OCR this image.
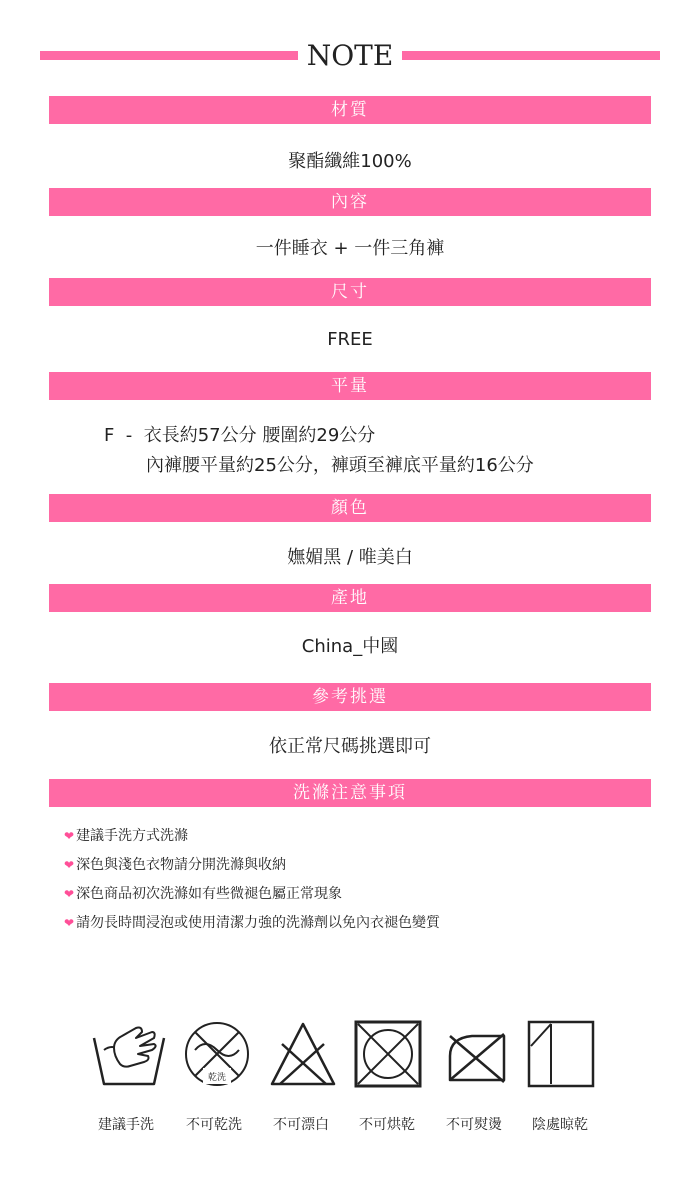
NOTE
材質
聚酯纖維100%
內容
一件睡衣 + 一件三角褲
尺寸
FREE
平量
F  -  衣長約57公分 腰圍約29公分
內褲腰平量約25公分，褲頭至褲底平量約16公分
顏色
嫵媚黑 / 唯美白
產地
China_中國
參考挑選
依正常尺碼挑選即可
洗滌注意事項
❤ 建議手洗方式洗滌
❤ 深色與淺色衣物請分開洗滌與收納
❤ 深色商品初次洗滌如有些微褪色屬正常現象
❤ 請勿長時間浸泡或使用清潔力強的洗滌劑以免內衣褪色變質
乾洗
建議手洗 不可乾洗 不可漂白 不可烘乾 不可熨燙 陰處晾乾
